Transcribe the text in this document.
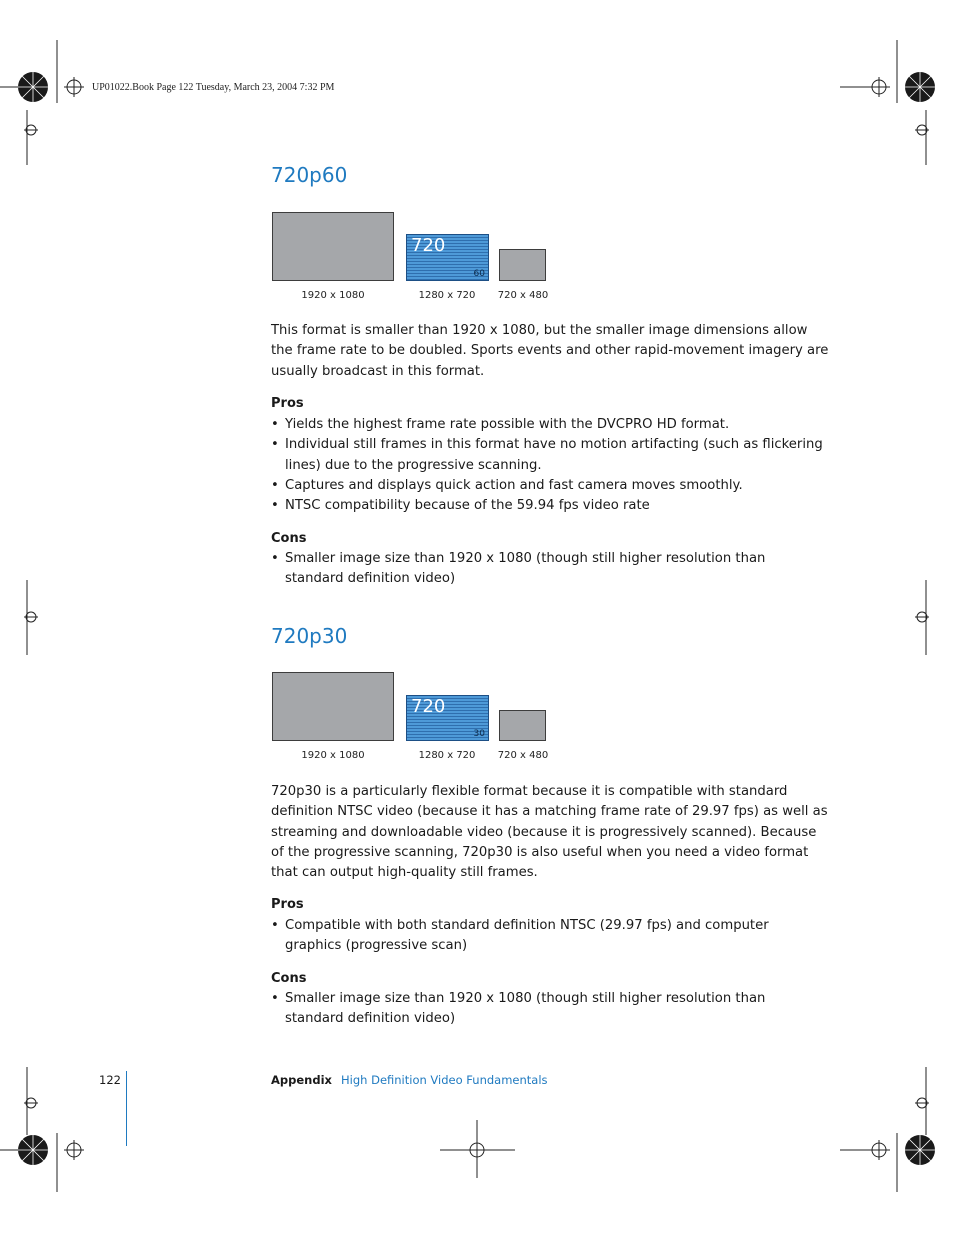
UP01022.Book Page 122 Tuesday, March 23, 2004 7:32 PM
720p60
720
60
1920 x 1080	1280 x 720	720 x 480

This format is smaller than 1920 x 1080, but the smaller image dimensions allow the frame rate to be doubled. Sports events and other rapid-movement imagery are usually broadcast in this format.

Pros
• Yields the highest frame rate possible with the DVCPRO HD format.
• Individual still frames in this format have no motion artifacting (such as flickering lines) due to the progressive scanning.
• Captures and displays quick action and fast camera moves smoothly.
• NTSC compatibility because of the 59.94 fps video rate
Cons
• Smaller image size than 1920 x 1080 (though still higher resolution than standard definition video)
720p30
720
30
1920 x 1080	1280 x 720	720 x 480

720p30 is a particularly flexible format because it is compatible with standard definition NTSC video (because it has a matching frame rate of 29.97 fps) as well as streaming and downloadable video (because it is progressively scanned). Because of the progressive scanning, 720p30 is also useful when you need a video format that can output high-quality still frames.

Pros
• Compatible with both standard definition NTSC (29.97 fps) and computer graphics (progressive scan)
Cons
• Smaller image size than 1920 x 1080 (though still higher resolution than standard definition video)
122	Appendix High Definition Video Fundamentals
